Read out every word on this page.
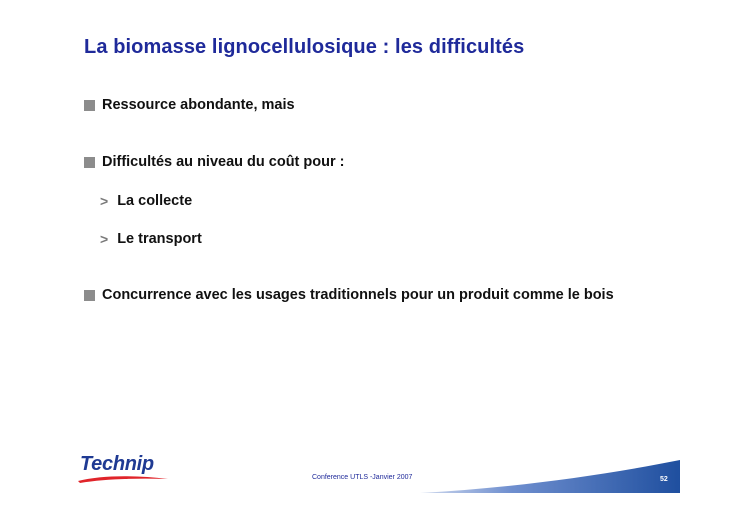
La biomasse lignocellulosique : les difficultés
Ressource abondante, mais
Difficultés au niveau du coût pour :
> La collecte
> Le transport
Concurrence avec les usages traditionnels pour un produit comme le bois
Technip
Conference UTLS -Janvier 2007	52
